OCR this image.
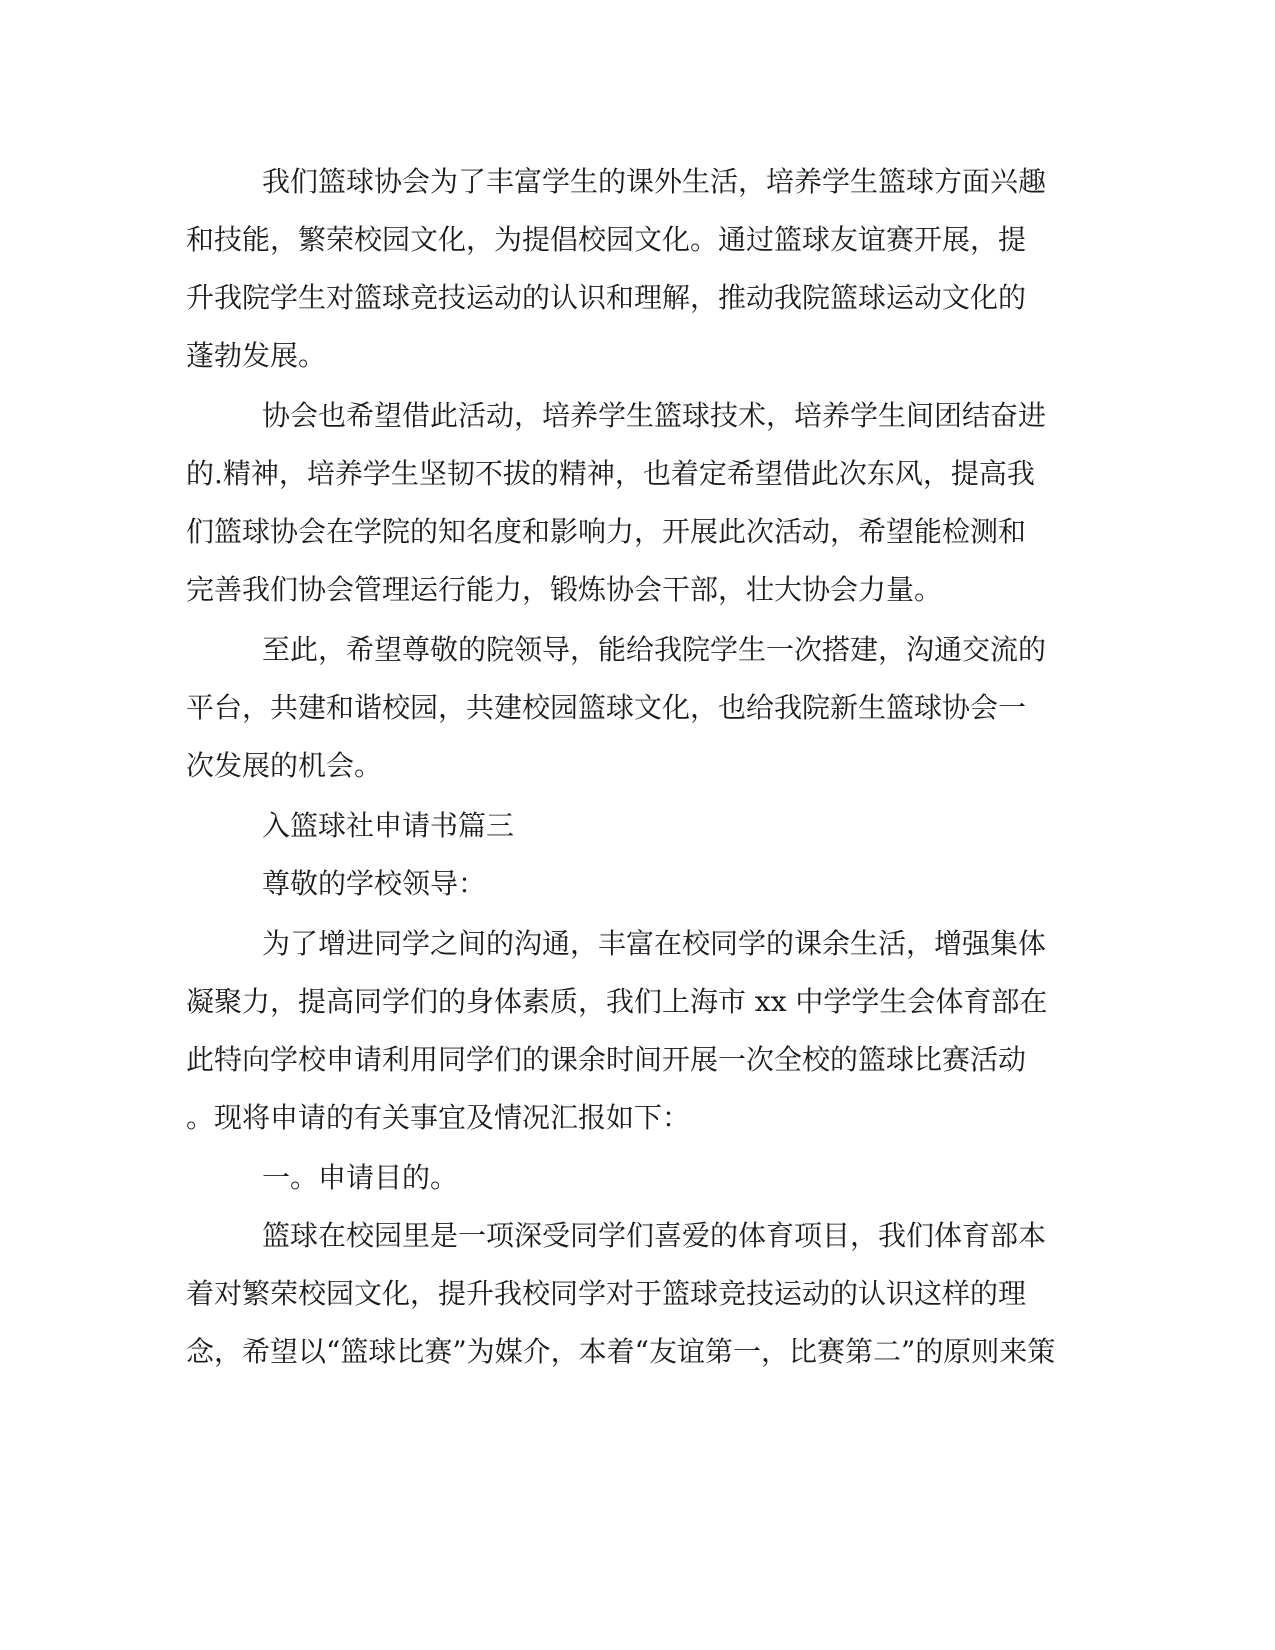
我们篮球协会为了丰富学生的课外生活，培养学生篮球方面兴趣

和技能，繁荣校园文化，为提倡校园文化。通过篮球友谊赛开展，提

升我院学生对篮球竞技运动的认识和理解，推动我院篮球运动文化的

蓬勃发展。

协会也希望借此活动，培养学生篮球技术，培养学生间团结奋进

的.精神，培养学生坚韧不拔的精神，也着定希望借此次东风，提高我

们篮球协会在学院的知名度和影响力，开展此次活动，希望能检测和

完善我们协会管理运行能力，锻炼协会干部，壮大协会力量。

至此，希望尊敬的院领导，能给我院学生一次搭建，沟通交流的

平台，共建和谐校园，共建校园篮球文化，也给我院新生篮球协会一

次发展的机会。

入篮球社申请书篇三

尊敬的学校领导：

为了增进同学之间的沟通，丰富在校同学的课余生活，增强集体

凝聚力，提高同学们的身体素质，我们上海市 xx 中学学生会体育部在

此特向学校申请利用同学们的课余时间开展一次全校的篮球比赛活动

。现将申请的有关事宜及情况汇报如下：

一。申请目的。

篮球在校园里是一项深受同学们喜爱的体育项目，我们体育部本

着对繁荣校园文化，提升我校同学对于篮球竞技运动的认识这样的理

念，希望以“篮球比赛”为媒介，本着“友谊第一，比赛第二”的原则来策
